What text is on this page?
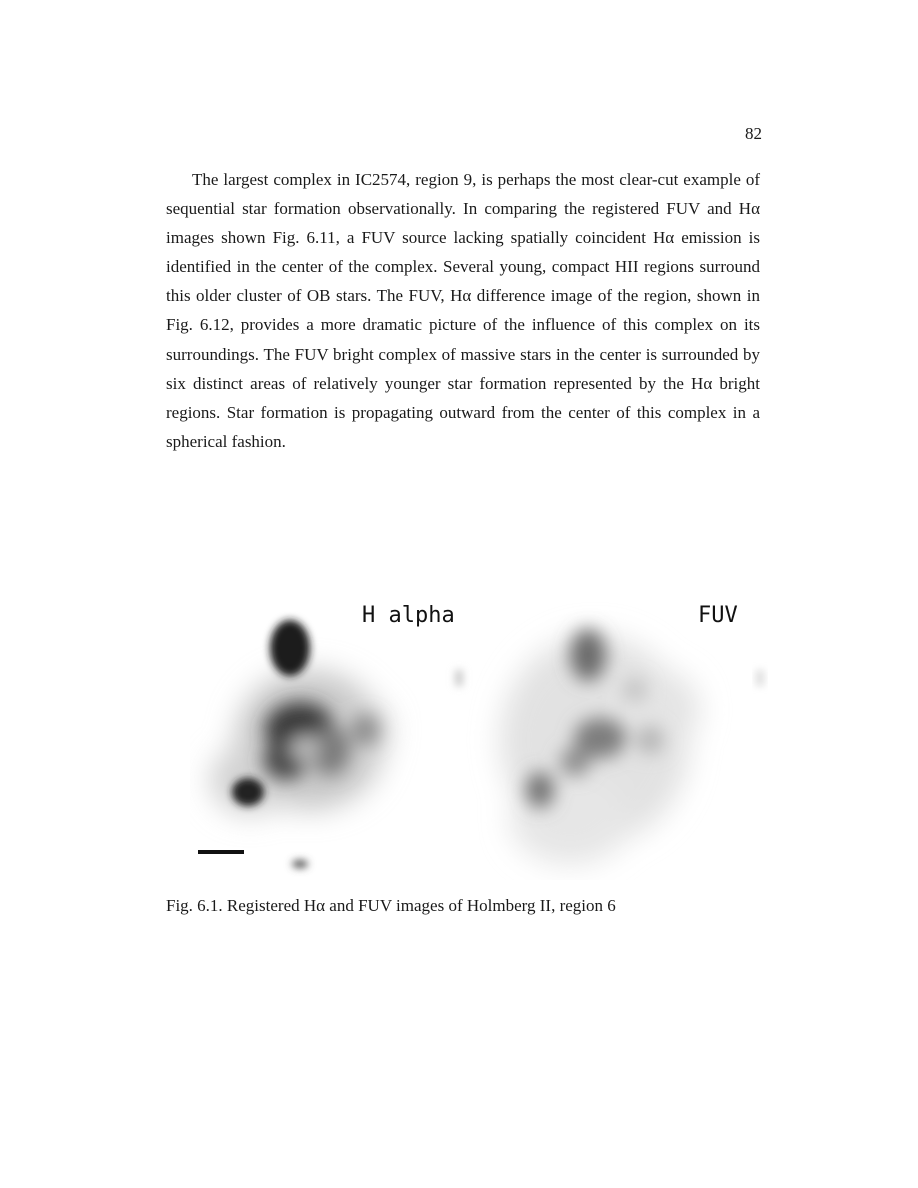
82

The largest complex in IC2574, region 9, is perhaps the most clear-cut example of sequential star formation observationally. In comparing the registered FUV and Hα images shown Fig. 6.11, a FUV source lacking spatially coincident Hα emission is identified in the center of the complex. Several young, compact HII regions surround this older cluster of OB stars. The FUV, Hα difference image of the region, shown in Fig. 6.12, provides a more dramatic picture of the influence of this complex on its surroundings. The FUV bright complex of massive stars in the center is surrounded by six distinct areas of relatively younger star formation represented by the Hα bright regions. Star formation is propagating outward from the center of this complex in a spherical fashion.

H alpha	FUV

Fig. 6.1. Registered Hα and FUV images of Holmberg II, region 6
